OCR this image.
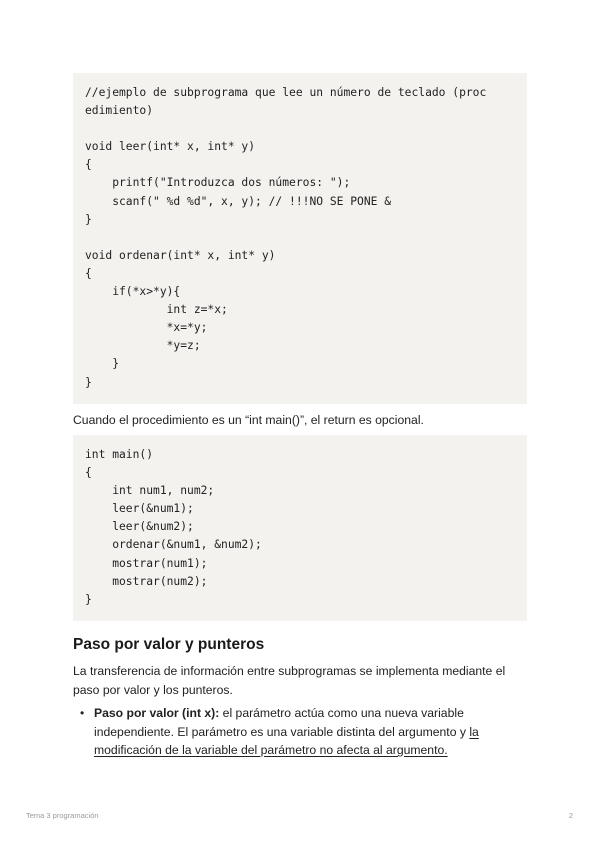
//ejemplo de subprograma que lee un número de teclado (proc
edimiento)
void leer(int* x, int* y)
{
printf("Introduzca dos números: ");
scanf(" %d %d", x, y); // !!!NO SE PONE &
}
void ordenar(int* x, int* y)
{
if(*x>*y){
int z=*x;
*x=*y;
*y=z;
}
}

Cuando el procedimiento es un “int main()”, el return es opcional.

int main()
{
int num1, num2;
leer(&num1);
leer(&num2);
ordenar(&num1, &num2);
mostrar(num1);
mostrar(num2);
}
Paso por valor y punteros

La transferencia de información entre subprogramas se implementa mediante el paso por valor y los punteros.

• Paso por valor (int x): el parámetro actúa como una nueva variable independiente. El parámetro es una variable distinta del argumento y la modificación de la variable del parámetro no afecta al argumento.
Tema 3 programación	2
